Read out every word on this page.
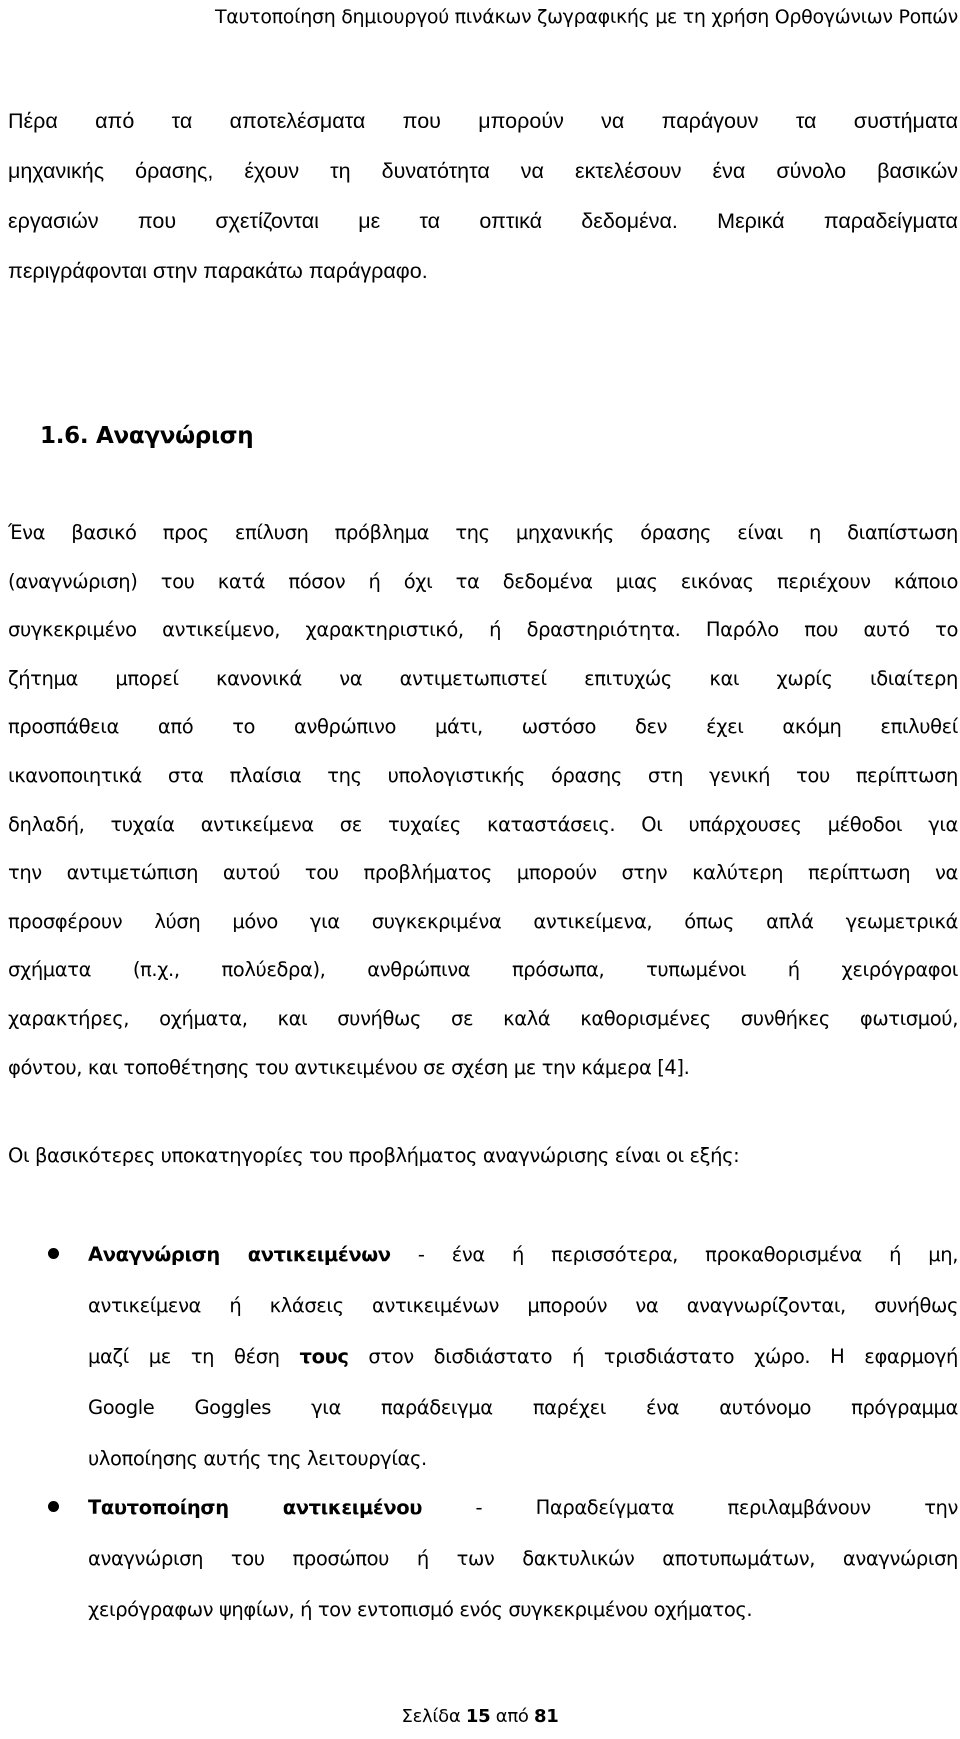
Ταυτοποίηση δημιουργού πινάκων ζωγραφικής με τη χρήση Ορθογώνιων Ροπών
Πέρα από τα αποτελέσματα που μπορούν να παράγουν τα συστήματα
μηχανικής όρασης, έχουν τη δυνατότητα να εκτελέσουν ένα σύνολο βασικών
εργασιών που σχετίζονται με τα οπτικά δεδομένα. Μερικά παραδείγματα
περιγράφονται στην παρακάτω παράγραφο.
1.6. Αναγνώριση
Ένα βασικό προς επίλυση πρόβλημα της μηχανικής όρασης είναι η διαπίστωση
(αναγνώριση) του κατά πόσον ή όχι τα δεδομένα μιας εικόνας περιέχουν κάποιο
συγκεκριμένο αντικείμενο, χαρακτηριστικό, ή δραστηριότητα. Παρόλο που αυτό το
ζήτημα μπορεί κανονικά να αντιμετωπιστεί επιτυχώς και χωρίς ιδιαίτερη
προσπάθεια από το ανθρώπινο μάτι, ωστόσο δεν έχει ακόμη επιλυθεί
ικανοποιητικά στα πλαίσια της υπολογιστικής όρασης στη γενική του περίπτωση
δηλαδή, τυχαία αντικείμενα σε τυχαίες καταστάσεις. Οι υπάρχουσες μέθοδοι για
την αντιμετώπιση αυτού του προβλήματος μπορούν στην καλύτερη περίπτωση να
προσφέρουν λύση μόνο για συγκεκριμένα αντικείμενα, όπως απλά γεωμετρικά
σχήματα (π.χ., πολύεδρα), ανθρώπινα πρόσωπα, τυπωμένοι ή χειρόγραφοι
χαρακτήρες, οχήματα, και συνήθως σε καλά καθορισμένες συνθήκες φωτισμού,
φόντου, και τοποθέτησης του αντικειμένου σε σχέση με την κάμερα [4].
Οι βασικότερες υποκατηγορίες του προβλήματος αναγνώρισης είναι οι εξής:
Αναγνώριση αντικειμένων - ένα ή περισσότερα, προκαθορισμένα ή μη,
αντικείμενα ή κλάσεις αντικειμένων μπορούν να αναγνωρίζονται, συνήθως
μαζί με τη θέση τους στον δισδιάστατο ή τρισδιάστατο χώρο. Η εφαρμογή
Google Goggles για παράδειγμα παρέχει ένα αυτόνομο πρόγραμμα
υλοποίησης αυτής της λειτουργίας.
Ταυτοποίηση αντικειμένου - Παραδείγματα περιλαμβάνουν την
αναγνώριση του προσώπου ή των δακτυλικών αποτυπωμάτων, αναγνώριση
χειρόγραφων ψηφίων, ή τον εντοπισμό ενός συγκεκριμένου οχήματος.
Σελίδα 15 από 81
